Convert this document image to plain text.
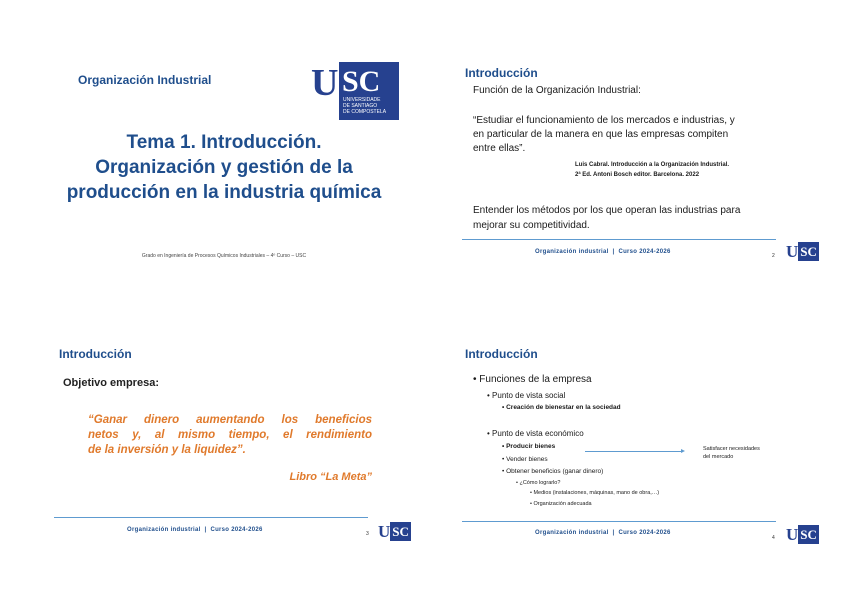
Organización Industrial	U SC
UNIVERSIDADE
DE SANTIAGO
DE COMPOSTELA
Tema 1. Introducción.
Organización y gestión de la
producción en la industria química
Grado en Ingeniería de Procesos Químicos Industriales – 4º Curso – USC
Introducción
Función de la Organización Industrial:
“Estudiar el funcionamiento de los mercados e industrias, y
en particular de la manera en que las empresas compiten
entre ellas”.
Luis Cabral. Introducción a la Organización Industrial.
2ª Ed. Antoni Bosch editor. Barcelona. 2022
Entender los métodos por los que operan las industrias para
mejorar su competitividad.
Organización industrial | Curso 2024-2026
2 U SC
Introducción
Objetivo empresa:
“Ganar dinero aumentando los beneficios
netos y, al mismo tiempo, el rendimiento
de la inversión y la liquidez”.
Libro “La Meta”
Organización industrial | Curso 2024-2026
3 U SC
Introducción
• Funciones de la empresa
• Punto de vista social
• Creación de bienestar en la sociedad
• Punto de vista económico
• Producir bienes
• Vender bienes
• Obtener beneficios (ganar dinero)
• ¿Cómo lograrlo?
• Medios (instalaciones, máquinas, mano de obra,…)
• Organización adecuada
Satisfacer necesidades
del mercado
Organización industrial | Curso 2024-2026
4 U SC
